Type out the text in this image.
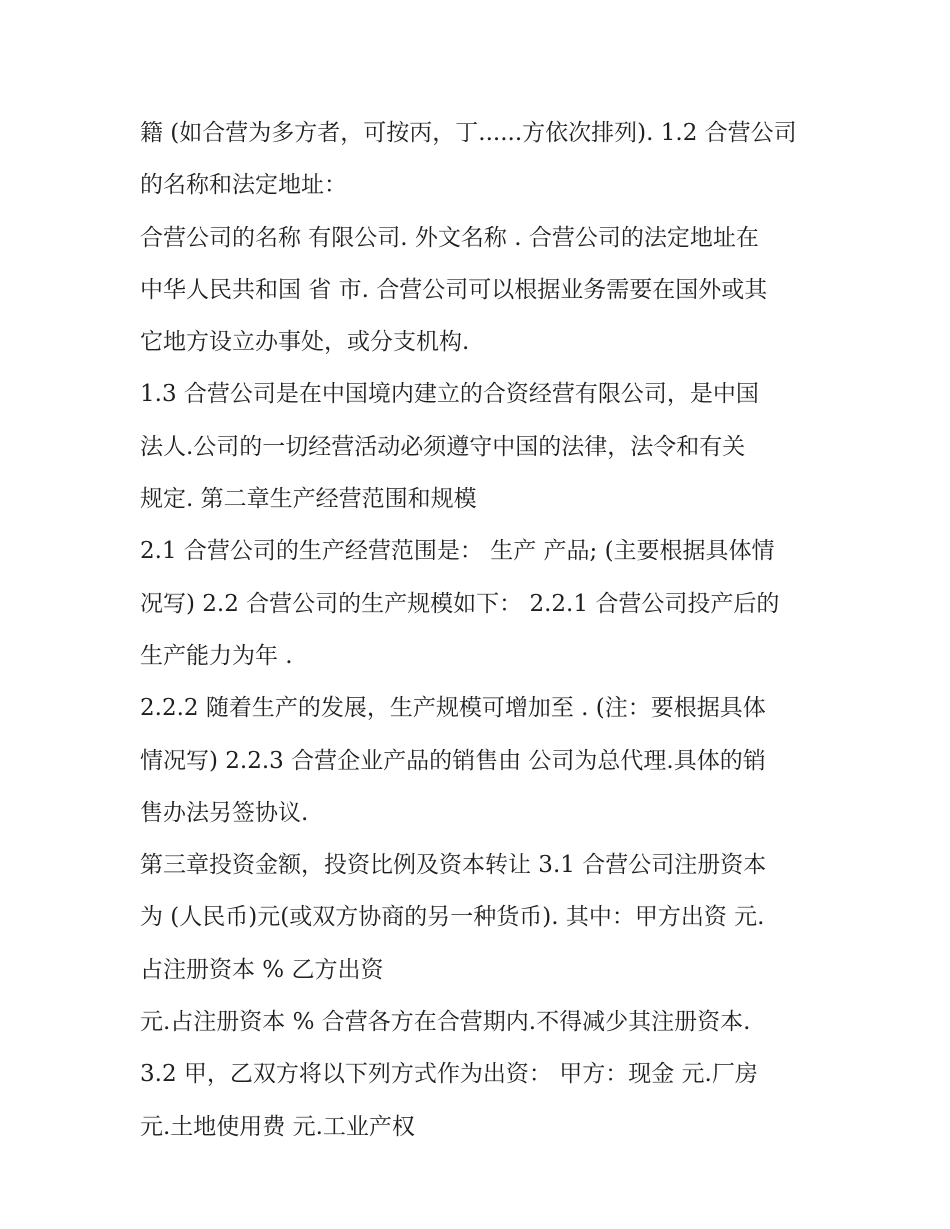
籍 (如合营为多方者，可按丙，丁......方依次排列). 1.2 合营公司
的名称和法定地址：
合营公司的名称 有限公司. 外文名称 . 合营公司的法定地址在
中华人民共和国 省 市. 合营公司可以根据业务需要在国外或其
它地方设立办事处，或分支机构.
1.3 合营公司是在中国境内建立的合资经营有限公司，是中国
法人.公司的一切经营活动必须遵守中国的法律，法令和有关
规定. 第二章生产经营范围和规模
2.1 合营公司的生产经营范围是： 生产 产品; (主要根据具体情
况写) 2.2 合营公司的生产规模如下： 2.2.1 合营公司投产后的
生产能力为年 .
2.2.2 随着生产的发展，生产规模可增加至 . (注：要根据具体
情况写) 2.2.3 合营企业产品的销售由 公司为总代理.具体的销
售办法另签协议.
第三章投资金额，投资比例及资本转让 3.1 合营公司注册资本
为 (人民币)元(或双方协商的另一种货币). 其中：甲方出资 元.
占注册资本 % 乙方出资
元.占注册资本 % 合营各方在合营期内.不得减少其注册资本.
3.2 甲，乙双方将以下列方式作为出资： 甲方：现金 元.厂房
元.土地使用费 元.工业产权
